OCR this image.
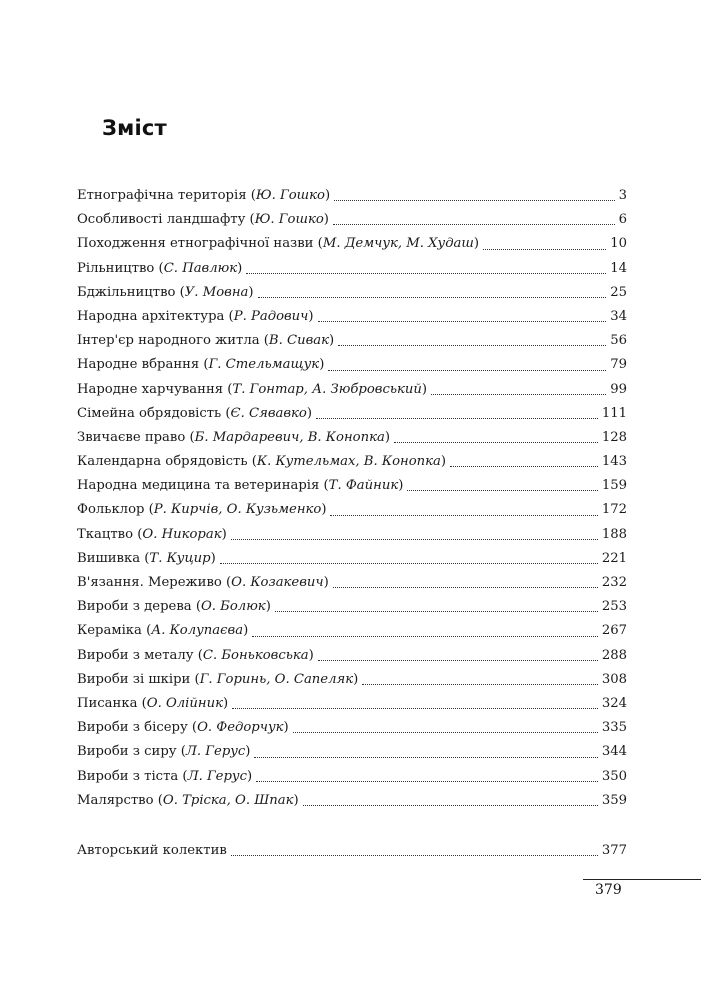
Зміст
Етнографічна територія (Ю. Гошко)	3
Особливості ландшафту (Ю. Гошко)	6
Походження етнографічної назви (М. Демчук, М. Худаш)	10
Рільництво (С. Павлюк)	14
Бджільництво (У. Мовна)	25
Народна архітектура (Р. Радович)	34
Інтер'єр народного житла (В. Сивак)	56
Народне вбрання (Г. Стельмащук)	79
Народне харчування (Т. Гонтар, А. Зюбровський)	99
Сімейна обрядовість (Є. Сявавко)	111
Звичаєве право (Б. Мардаревич, В. Конопка)	128
Календарна обрядовість (К. Кутельмах, В. Конопка)	143
Народна медицина та ветеринарія (Т. Файник)	159
Фольклор (Р. Кирчів, О. Кузьменко)	172
Ткацтво (О. Никорак)	188
Вишивка (Т. Куцир)	221
В'язання. Мереживо (О. Козакевич)	232
Вироби з дерева (О. Болюк)	253
Кераміка (А. Колупаєва)	267
Вироби з металу (С. Боньковська)	288
Вироби зі шкіри (Г. Горинь, О. Сапеляк)	308
Писанка (О. Олійник)	324
Вироби з бісеру (О. Федорчук)	335
Вироби з сиру (Л. Герус)	344
Вироби з тіста (Л. Герус)	350
Малярство (О. Тріска, О. Шпак)	359
Авторський колектив	377
379
